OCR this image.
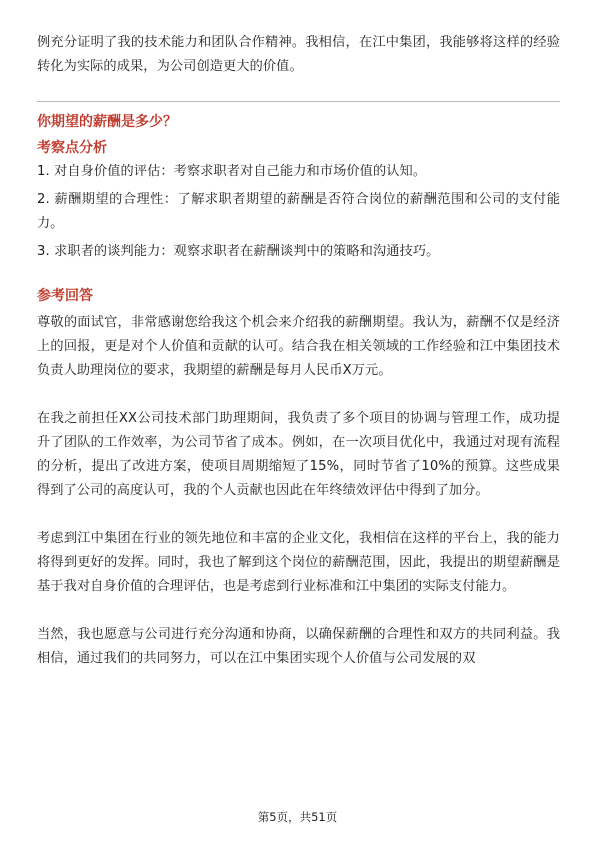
例充分证明了我的技术能力和团队合作精神。我相信，在江中集团，我能够将这样的经验转化为实际的成果，为公司创造更大的价值。

你期望的薪酬是多少？

考察点分析

1. 对自身价值的评估：考察求职者对自己能力和市场价值的认知。

2. 薪酬期望的合理性：了解求职者期望的薪酬是否符合岗位的薪酬范围和公司的支付能力。

3. 求职者的谈判能力：观察求职者在薪酬谈判中的策略和沟通技巧。

参考回答

尊敬的面试官，非常感谢您给我这个机会来介绍我的薪酬期望。我认为，薪酬不仅是经济上的回报，更是对个人价值和贡献的认可。结合我在相关领域的工作经验和江中集团技术负责人助理岗位的要求，我期望的薪酬是每月人民币X万元。

在我之前担任XX公司技术部门助理期间，我负责了多个项目的协调与管理工作，成功提升了团队的工作效率，为公司节省了成本。例如，在一次项目优化中，我通过对现有流程的分析，提出了改进方案，使项目周期缩短了15%，同时节省了10%的预算。这些成果得到了公司的高度认可，我的个人贡献也因此在年终绩效评估中得到了加分。

考虑到江中集团在行业的领先地位和丰富的企业文化，我相信在这样的平台上，我的能力将得到更好的发挥。同时，我也了解到这个岗位的薪酬范围，因此，我提出的期望薪酬是基于我对自身价值的合理评估，也是考虑到行业标准和江中集团的实际支付能力。

当然，我也愿意与公司进行充分沟通和协商，以确保薪酬的合理性和双方的共同利益。我相信，通过我们的共同努力，可以在江中集团实现个人价值与公司发展的双

第5页，共51页
